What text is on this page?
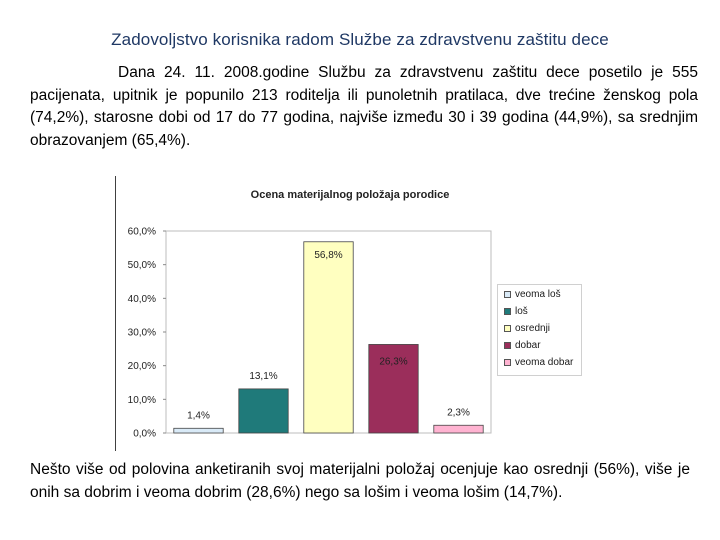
Zadovoljstvo korisnika radom Službe za zdravstvenu zaštitu dece
Dana 24. 11. 2008.godine Službu za zdravstvenu zaštitu dece posetilo je 555 pacijenata, upitnik je popunilo 213 roditelja ili punoletnih pratilaca, dve trećine ženskog pola (74,2%), starosne dobi od 17 do 77 godina, najviše između 30 i 39 godina (44,9%), sa srednjim obrazovanjem (65,4%).
Ocena materijalnog položaja porodice
0,0%
10,0%
20,0%
30,0%
40,0%
50,0%
60,0%
1,4%
13,1%
56,8%
26,3%
2,3%
veoma loš
loš
osrednji
dobar
veoma dobar
Nešto više od polovina anketiranih svoj materijalni položaj ocenjuje kao osrednji (56%), više je onih sa dobrim i veoma dobrim (28,6%) nego sa lošim i veoma lošim (14,7%).
